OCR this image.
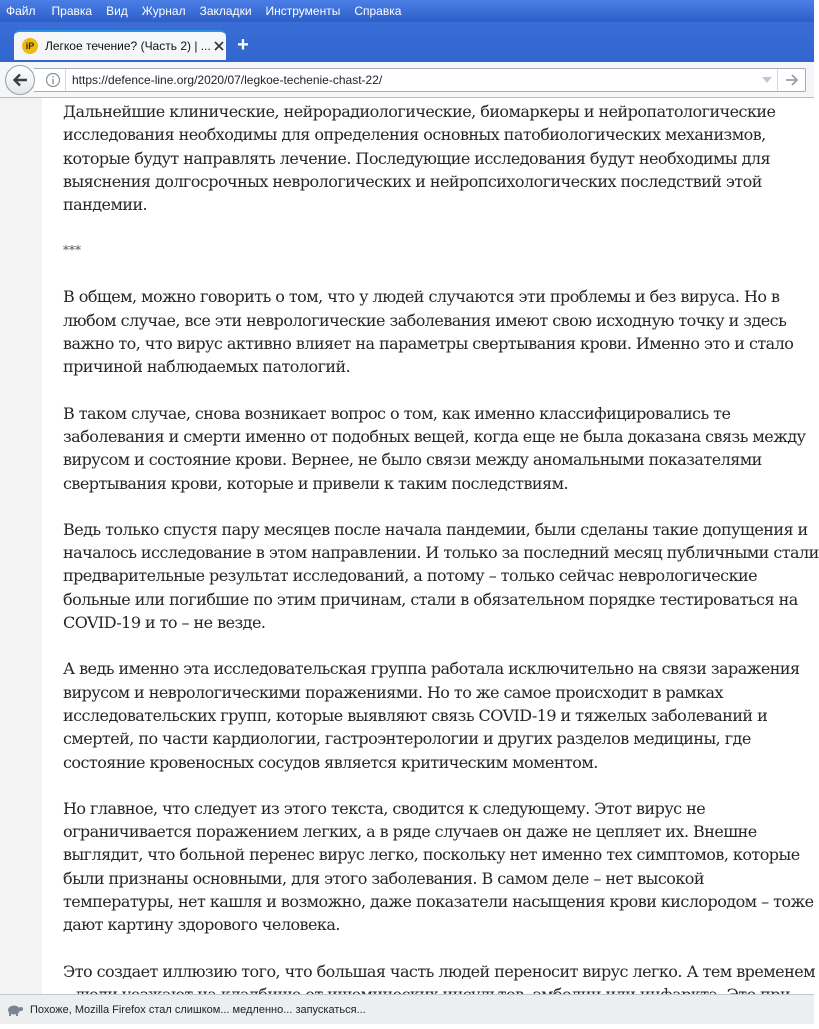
Файл Правка Вид Журнал Закладки Инструменты Справка
iP Легкое течение? (Часть 2) | ... +
https://defence-line.org/2020/07/legkoe-techenie-chast-22/

Дальнейшие клинические, нейрорадиологические, биомаркеры и нейропатологические
исследования необходимы для определения основных патобиологических механизмов,
которые будут направлять лечение. Последующие исследования будут необходимы для
выяснения долгосрочных неврологических и нейропсихологических последствий этой
пандемии.

***

В общем, можно говорить о том, что у людей случаются эти проблемы и без вируса. Но в
любом случае, все эти неврологические заболевания имеют свою исходную точку и здесь
важно то, что вирус активно влияет на параметры свертывания крови. Именно это и стало
причиной наблюдаемых патологий.

В таком случае, снова возникает вопрос о том, как именно классифицировались те
заболевания и смерти именно от подобных вещей, когда еще не была доказана связь между
вирусом и состояние крови. Вернее, не было связи между аномальными показателями
свертывания крови, которые и привели к таким последствиям.

Ведь только спустя пару месяцев после начала пандемии, были сделаны такие допущения и
началось исследование в этом направлении. И только за последний месяц публичными стали
предварительные результат исследований, а потому – только сейчас неврологические
больные или погибшие по этим причинам, стали в обязательном порядке тестироваться на
COVID-19 и то – не везде.

А ведь именно эта исследовательская группа работала исключительно на связи заражения
вирусом и неврологическими поражениями. Но то же самое происходит в рамках
исследовательских групп, которые выявляют связь COVID-19 и тяжелых заболеваний и
смертей, по части кардиологии, гастроэнтерологии и других разделов медицины, где
состояние кровеносных сосудов является критическим моментом.

Но главное, что следует из этого текста, сводится к следующему. Этот вирус не
ограничивается поражением легких, а в ряде случаев он даже не цепляет их. Внешне
выглядит, что больной перенес вирус легко, поскольку нет именно тех симптомов, которые
были признаны основными, для этого заболевания. В самом деле – нет высокой
температуры, нет кашля и возможно, даже показатели насыщения крови кислородом – тоже
дают картину здорового человека.

Это создает иллюзию того, что большая часть людей переносит вирус легко. А тем временем

Похоже, Mozilla Firefox стал слишком... медленно... запускаться...
